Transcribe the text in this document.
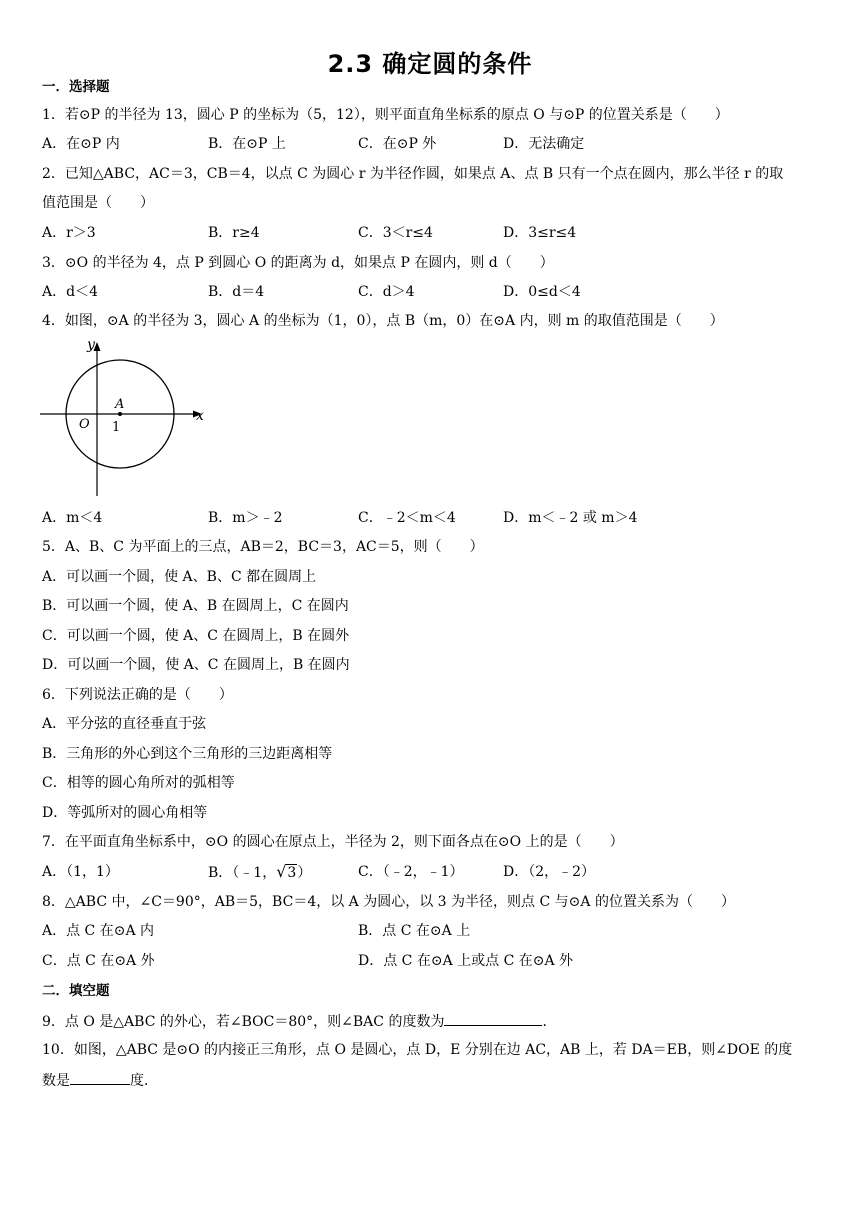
2.3 确定圆的条件
一．选择题
1．若⊙P 的半径为 13，圆心 P 的坐标为（5，12），则平面直角坐标系的原点 O 与⊙P 的位置关系是（　　）
A．在⊙P 内	B．在⊙P 上	C．在⊙P 外	D．无法确定
2．已知△ABC，AC＝3，CB＝4，以点 C 为圆心 r 为半径作圆，如果点 A、点 B 只有一个点在圆内，那么半径 r 的取
值范围是（　　）
A．r＞3	B．r≥4	C．3＜r≤4	D．3≤r≤4
3．⊙O 的半径为 4，点 P 到圆心 O 的距离为 d，如果点 P 在圆内，则 d（　　）
A．d＜4	B．d＝4	C．d＞4	D．0≤d＜4
4．如图，⊙A 的半径为 3，圆心 A 的坐标为（1，0），点 B（m，0）在⊙A 内，则 m 的取值范围是（　　）
y
x
O
A
1
A．m＜4	B．m＞﹣2	C．﹣2＜m＜4	D．m＜﹣2 或 m＞4
5．A、B、C 为平面上的三点，AB＝2，BC＝3，AC＝5，则（　　）
A．可以画一个圆，使 A、B、C 都在圆周上
B．可以画一个圆，使 A、B 在圆周上，C 在圆内
C．可以画一个圆，使 A、C 在圆周上，B 在圆外
D．可以画一个圆，使 A、C 在圆周上，B 在圆内
6．下列说法正确的是（　　）
A．平分弦的直径垂直于弦
B．三角形的外心到这个三角形的三边距离相等
C．相等的圆心角所对的弧相等
D．等弧所对的圆心角相等
7．在平面直角坐标系中，⊙O 的圆心在原点上，半径为 2，则下面各点在⊙O 上的是（　　）
A．（1，1）	B．（﹣1，√3）	C．（﹣2，﹣1）	D．（2，﹣2）
8．△ABC 中，∠C＝90°，AB＝5，BC＝4，以 A 为圆心，以 3 为半径，则点 C 与⊙A 的位置关系为（　　）
A．点 C 在⊙A 内	B．点 C 在⊙A 上
C．点 C 在⊙A 外	D．点 C 在⊙A 上或点 C 在⊙A 外
二．填空题
9．点 O 是△ABC 的外心，若∠BOC＝80°，则∠BAC 的度数为	．
10．如图，△ABC 是⊙O 的内接正三角形，点 O 是圆心，点 D，E 分别在边 AC，AB 上，若 DA＝EB，则∠DOE 的度
数是	度．
